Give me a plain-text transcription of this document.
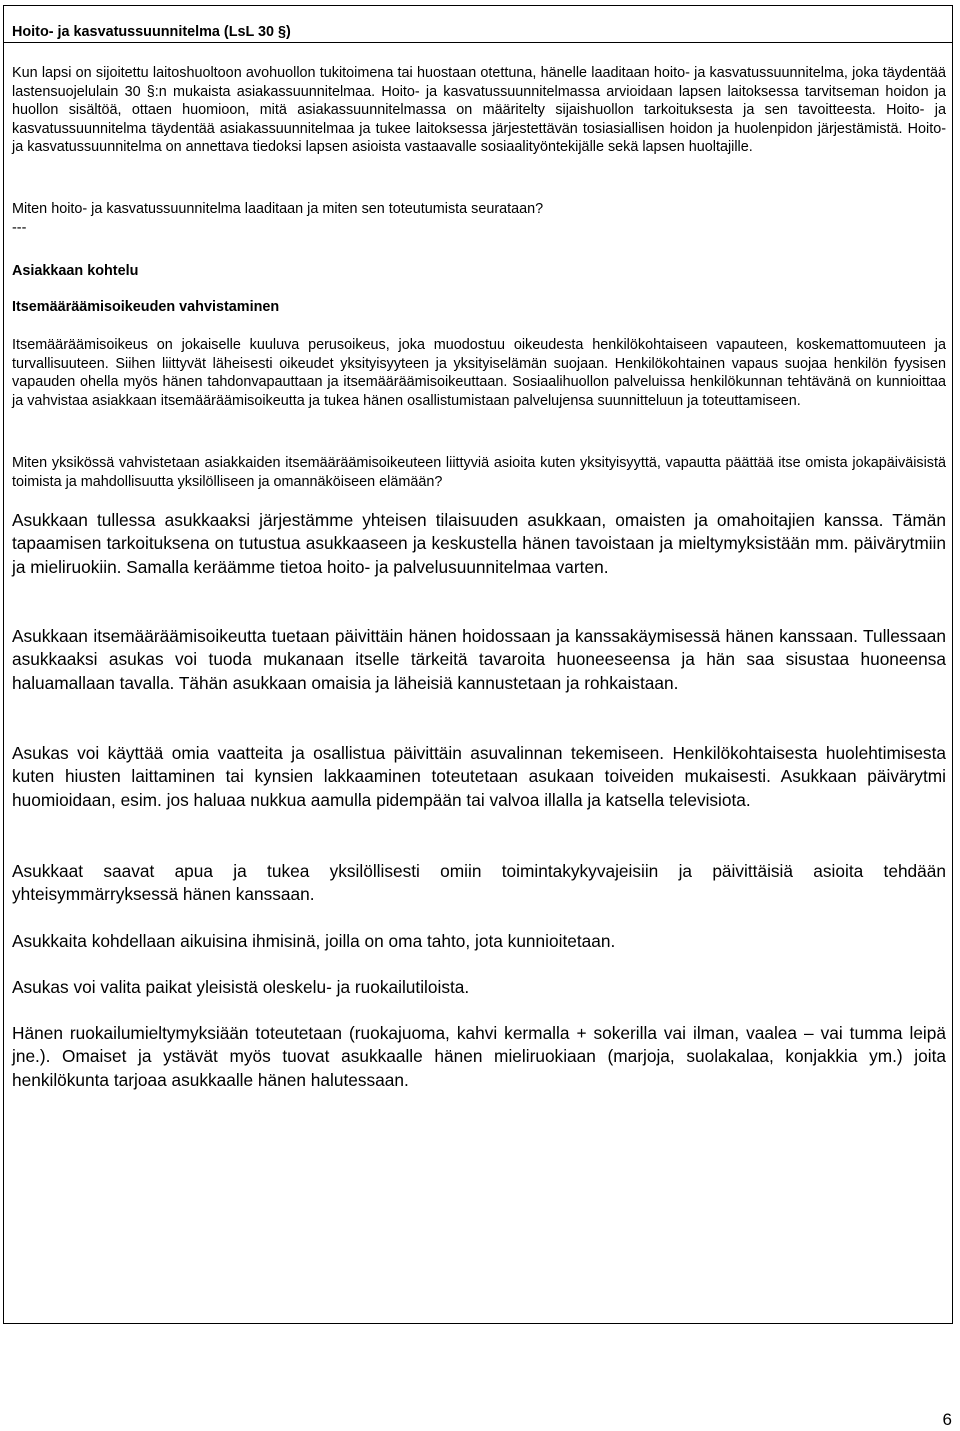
Hoito- ja kasvatussuunnitelma (LsL 30 §)

Kun lapsi on sijoitettu laitoshuoltoon avohuollon tukitoimena tai huostaan otettuna, hänelle laaditaan hoito- ja kasvatussuunnitelma, joka täydentää lastensuojelulain 30 §:n mukaista asiakassuunnitelmaa. Hoito- ja kasvatussuunnitelmassa arvioidaan lapsen laitoksessa tarvitseman hoidon ja huollon sisältöä, ottaen huomioon, mitä asiakassuunnitelmassa on määritelty sijaishuollon tarkoituksesta ja sen tavoitteesta. Hoito- ja kasvatussuunnitelma täydentää asiakassuunnitelmaa ja tukee laitoksessa järjestettävän tosiasiallisen hoidon ja huolenpidon järjestämistä. Hoito- ja kasvatussuunnitelma on annettava tiedoksi lapsen asioista vastaavalle sosiaalityöntekijälle sekä lapsen huoltajille.

Miten hoito- ja kasvatussuunnitelma laaditaan ja miten sen toteutumista seurataan?

---

Asiakkaan kohtelu

Itsemääräämisoikeuden vahvistaminen

Itsemääräämisoikeus on jokaiselle kuuluva perusoikeus, joka muodostuu oikeudesta henkilökohtaiseen vapauteen, koskemattomuuteen ja turvallisuuteen. Siihen liittyvät läheisesti oikeudet yksityisyyteen ja yksityiselämän suojaan. Henkilökohtainen vapaus suojaa henkilön fyysisen vapauden ohella myös hänen tahdonvapauttaan ja itsemääräämisoikeuttaan. Sosiaalihuollon palveluissa henkilökunnan tehtävänä on kunnioittaa ja vahvistaa asiakkaan itsemääräämisoikeutta ja tukea hänen osallistumistaan palvelujensa suunnitteluun ja toteuttamiseen.

Miten yksikössä vahvistetaan asiakkaiden itsemääräämisoikeuteen liittyviä asioita kuten yksityisyyttä, vapautta päättää itse omista jokapäiväisistä toimista ja mahdollisuutta yksilölliseen ja omannäköiseen elämään?

Asukkaan tullessa asukkaaksi järjestämme yhteisen tilaisuuden asukkaan, omaisten ja omahoitajien kanssa. Tämän tapaamisen tarkoituksena on tutustua asukkaaseen ja keskustella hänen tavoistaan ja mieltymyksistään mm. päivärytmiin ja mieliruokiin. Samalla keräämme tietoa hoito- ja palvelusuunnitelmaa varten.

Asukkaan itsemääräämisoikeutta tuetaan päivittäin hänen hoidossaan ja kanssakäymisessä hänen kanssaan. Tullessaan asukkaaksi asukas voi tuoda mukanaan itselle tärkeitä tavaroita huoneeseensa ja hän saa sisustaa huoneensa haluamallaan tavalla. Tähän asukkaan omaisia ja läheisiä kannustetaan ja rohkaistaan.

Asukas voi käyttää omia vaatteita ja osallistua päivittäin asuvalinnan tekemiseen. Henkilökohtaisesta huolehtimisesta kuten hiusten laittaminen tai kynsien lakkaaminen toteutetaan asukaan toiveiden mukaisesti. Asukkaan päivärytmi huomioidaan, esim. jos haluaa nukkua aamulla pidempään tai valvoa illalla ja katsella televisiota.

Asukkaat saavat apua ja tukea yksilöllisesti omiin toimintakykyvajeisiin ja päivittäisiä asioita tehdään yhteisymmärryksessä hänen kanssaan.

Asukkaita kohdellaan aikuisina ihmisinä, joilla on oma tahto, jota kunnioitetaan.

Asukas voi valita paikat yleisistä oleskelu- ja ruokailutiloista.

Hänen ruokailumieltymyksiään toteutetaan (ruokajuoma, kahvi kermalla + sokerilla vai ilman, vaalea – vai tumma leipä jne.). Omaiset ja ystävät myös tuovat asukkaalle hänen mieliruokiaan (marjoja, suolakalaa, konjakkia ym.) joita henkilökunta tarjoaa asukkaalle hänen halutessaan.

6
